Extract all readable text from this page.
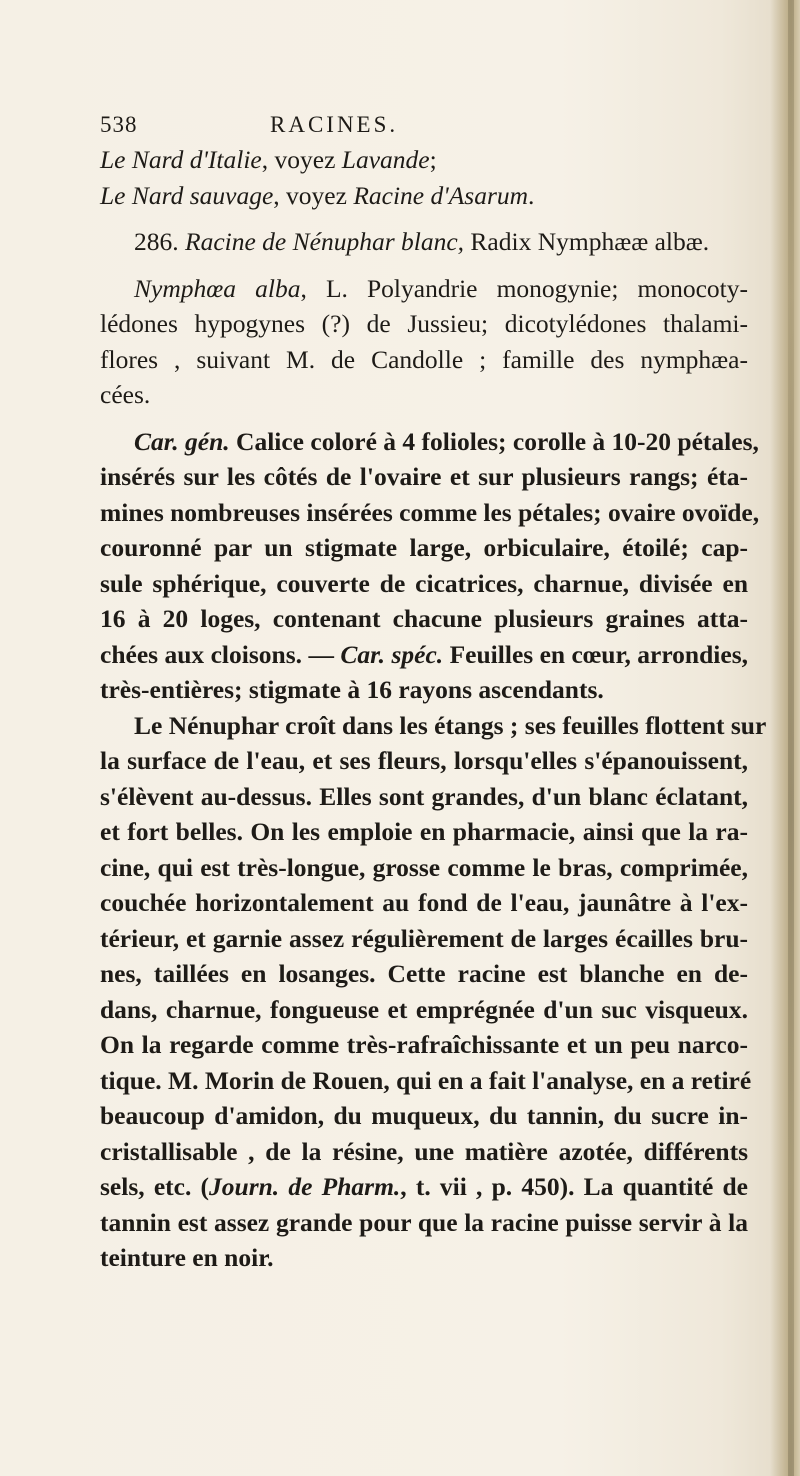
538	RACINES.

Le Nard d'Italie, voyez Lavande;

Le Nard sauvage, voyez Racine d'Asarum.

286. Racine de Nénuphar blanc, Radix Nymphææ albæ.

Nymphœa alba, L. Polyandrie monogynie; monocoty-
lédones hypogynes (?) de Jussieu; dicotylédones thalami-
flores , suivant M. de Candolle ; famille des nymphæa-
cées.
Car. gén. Calice coloré à 4 folioles; corolle à 10-20 pétales,
insérés sur les côtés de l'ovaire et sur plusieurs rangs; éta-
mines nombreuses insérées comme les pétales; ovaire ovoïde,
couronné par un stigmate large, orbiculaire, étoilé; cap-
sule sphérique, couverte de cicatrices, charnue, divisée en
16 à 20 loges, contenant chacune plusieurs graines atta-
chées aux cloisons. — Car. spéc. Feuilles en cœur, arrondies,
très-entières; stigmate à 16 rayons ascendants.
Le Nénuphar croît dans les étangs ; ses feuilles flottent sur
la surface de l'eau, et ses fleurs, lorsqu'elles s'épanouissent,
s'élèvent au-dessus. Elles sont grandes, d'un blanc éclatant,
et fort belles. On les emploie en pharmacie, ainsi que la ra-
cine, qui est très-longue, grosse comme le bras, comprimée,
couchée horizontalement au fond de l'eau, jaunâtre à l'ex-
térieur, et garnie assez régulièrement de larges écailles bru-
nes, taillées en losanges. Cette racine est blanche en de-
dans, charnue, fongueuse et emprégnée d'un suc visqueux.
On la regarde comme très-rafraîchissante et un peu narco-
tique. M. Morin de Rouen, qui en a fait l'analyse, en a retiré
beaucoup d'amidon, du muqueux, du tannin, du sucre in-
cristallisable , de la résine, une matière azotée, différents
sels, etc. (Journ. de Pharm., t. vii , p. 450). La quantité de
tannin est assez grande pour que la racine puisse servir à la
teinture en noir.
